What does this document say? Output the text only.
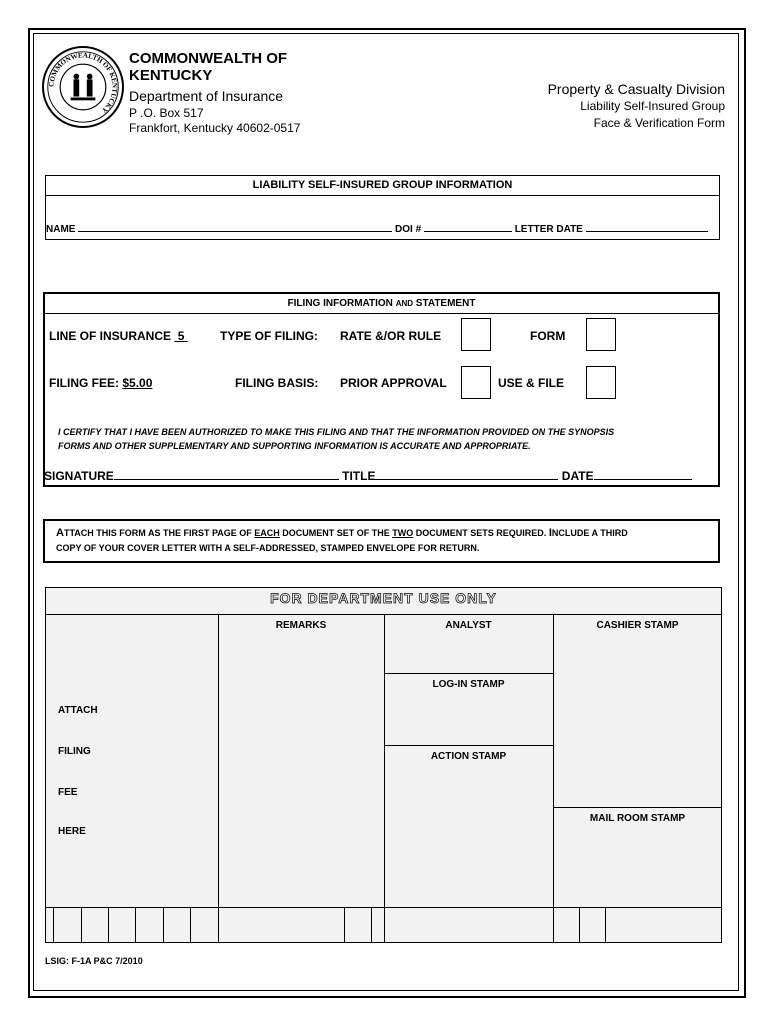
COMMONWEALTH OF KENTUCKY
COMMONWEALTH OF
KENTUCKY
Department of Insurance
P .O. Box 517
Frankfort, Kentucky 40602-0517
Property & Casualty Division
Liability Self-Insured Group
Face & Verification Form
LIABILITY SELF-INSURED GROUP INFORMATION
NAME	DOI #	LETTER DATE
FILING INFORMATION AND STATEMENT
LINE OF INSURANCE 5	TYPE OF FILING: RATE &/OR RULE	FORM
FILING FEE: $5.00	FILING BASIS: PRIOR APPROVAL	USE & FILE
I CERTIFY THAT I HAVE BEEN AUTHORIZED TO MAKE THIS FILING AND THAT THE INFORMATION PROVIDED ON THE SYNOPSIS
FORMS AND OTHER SUPPLEMENTARY AND SUPPORTING INFORMATION IS ACCURATE AND APPROPRIATE.
SIGNATURE	TITLE	DATE
ATTACH THIS FORM AS THE FIRST PAGE OF EACH DOCUMENT SET OF THE TWO DOCUMENT SETS REQUIRED. INCLUDE A THIRD
COPY OF YOUR COVER LETTER WITH A SELF-ADDRESSED, STAMPED ENVELOPE FOR RETURN.
FOR DEPARTMENT USE ONLY
REMARKS	ANALYST	CASHIER STAMP
LOG-IN STAMP
ACTION STAMP
MAIL ROOM STAMP
ATTACH
FILING
FEE
HERE
LSIG: F-1A P&C 7/2010
